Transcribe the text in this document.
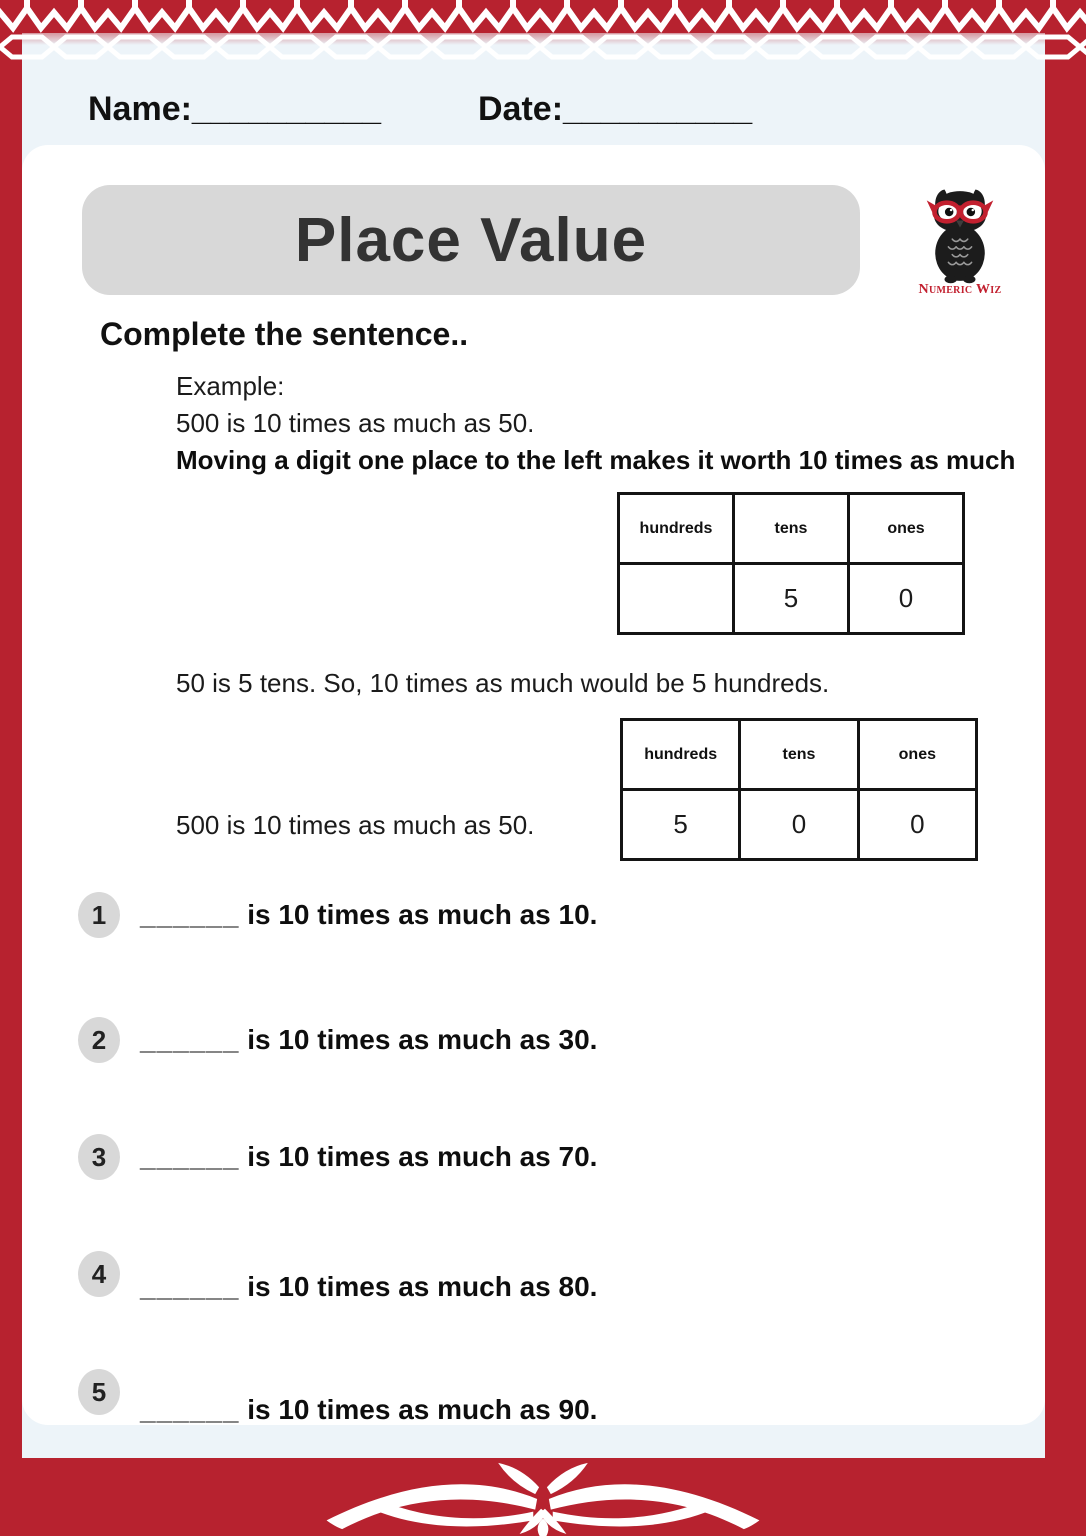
Name:__________	Date:__________
Place Value
Numeric Wiz
Complete the sentence..
Example:
500 is 10 times as much as 50.
Moving a digit one place to the left makes it worth 10 times as much
hundreds	tens	ones
	5	0
50 is 5 tens. So, 10 times as much would be 5 hundreds.
hundreds	tens	ones
5	0	0
500 is 10 times as much as 50.
1	______ is 10 times as much as 10.
2	______ is 10 times as much as 30.
3	______ is 10 times as much as 70.
4	______ is 10 times as much as 80.
5
______ is 10 times as much as 90.
